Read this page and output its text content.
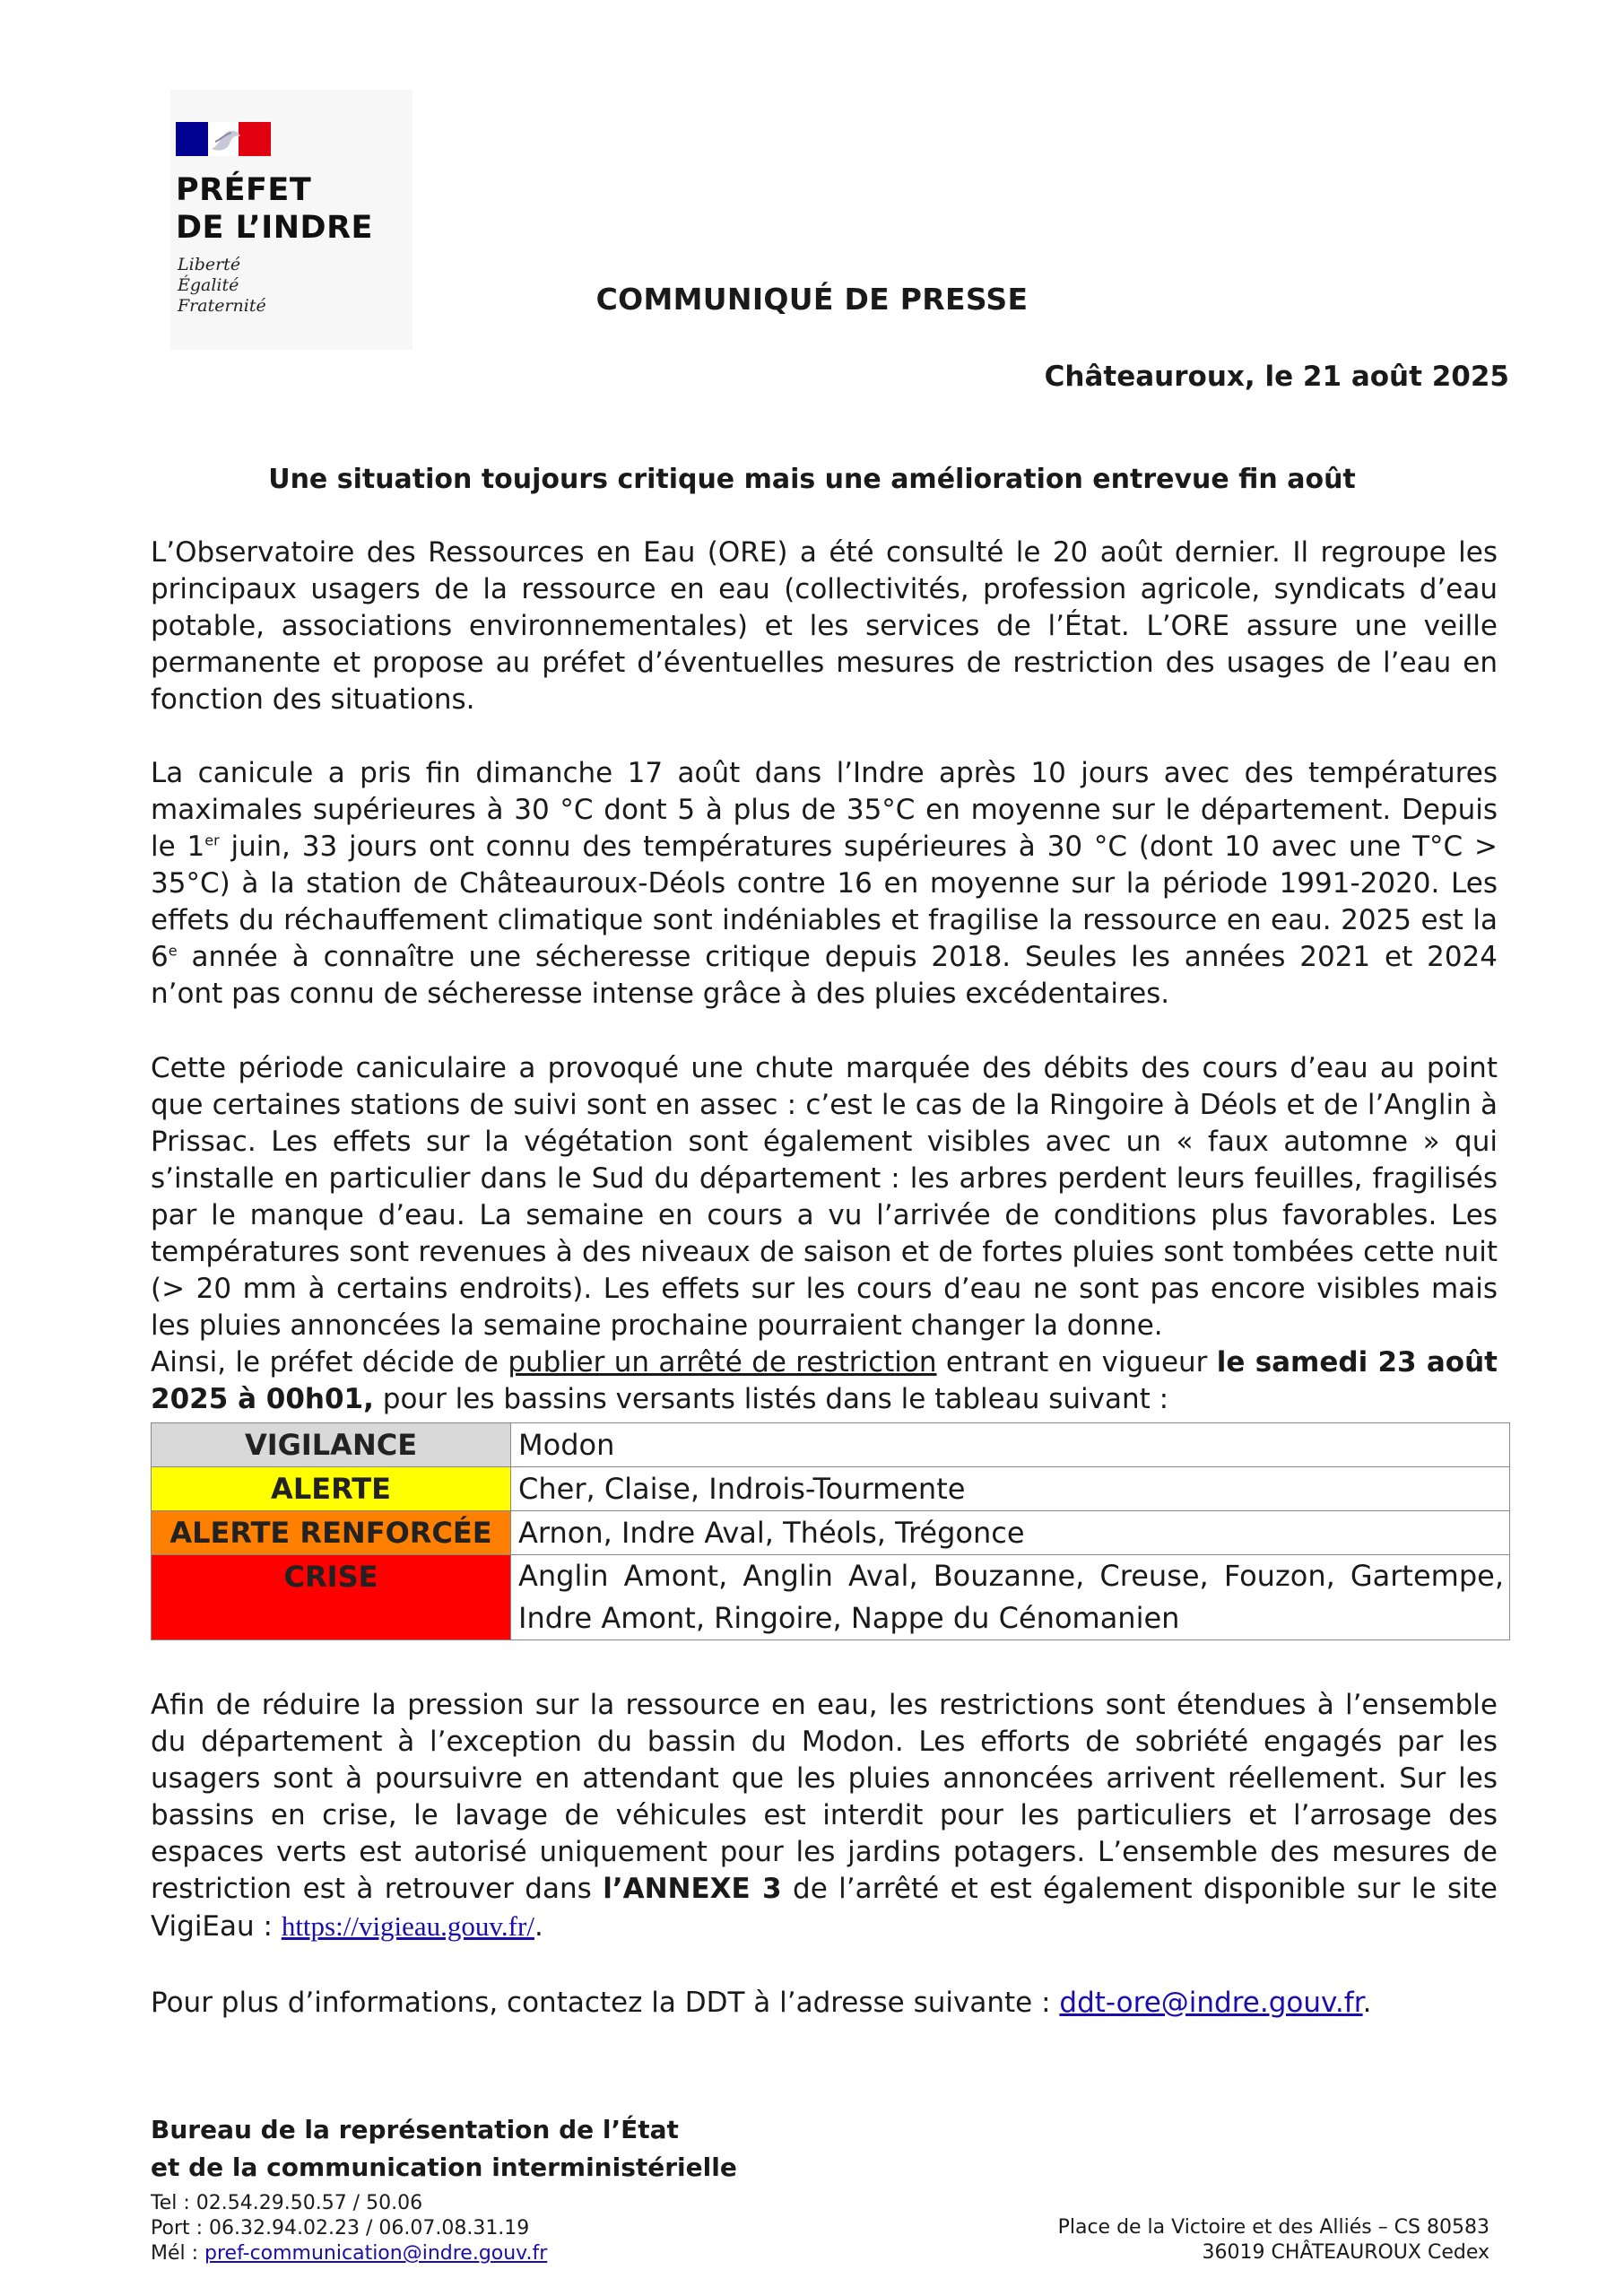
PRÉFET
DE L’INDRE
Liberté
Égalité
Fraternité	COMMUNIQUÉ DE PRESSE
Châteauroux, le 21 août 2025
Une situation toujours critique mais une amélioration entrevue fin août

L’Observatoire des Ressources en Eau (ORE) a été consulté le 20 août dernier. Il regroupe les principaux usagers de la ressource en eau (collectivités, profession agricole, syndicats d’eau potable, associations environnementales) et les services de l’État. L’ORE assure une veille permanente et propose au préfet d’éventuelles mesures de restriction des usages de l’eau en fonction des situations.

La canicule a pris fin dimanche 17 août dans l’Indre après 10 jours avec des températures maximales supérieures à 30 °C dont 5 à plus de 35°C en moyenne sur le département. Depuis le 1er juin, 33 jours ont connu des températures supérieures à 30 °C (dont 10 avec une T°C > 35°C) à la station de Châteauroux-Déols contre 16 en moyenne sur la période 1991-2020. Les effets du réchauffement climatique sont indéniables et fragilise la ressource en eau. 2025 est la 6e année à connaître une sécheresse critique depuis 2018. Seules les années 2021 et 2024 n’ont pas connu de sécheresse intense grâce à des pluies excédentaires.

Cette période caniculaire a provoqué une chute marquée des débits des cours d’eau au point que certaines stations de suivi sont en assec : c’est le cas de la Ringoire à Déols et de l’Anglin à Prissac. Les effets sur la végétation sont également visibles avec un « faux automne » qui s’installe en particulier dans le Sud du département : les arbres perdent leurs feuilles, fragilisés par le manque d’eau. La semaine en cours a vu l’arrivée de conditions plus favorables. Les températures sont revenues à des niveaux de saison et de fortes pluies sont tombées cette nuit (> 20 mm à certains endroits). Les effets sur les cours d’eau ne sont pas encore visibles mais les pluies annoncées la semaine prochaine pourraient changer la donne.

Ainsi, le préfet décide de publier un arrêté de restriction entrant en vigueur le samedi 23 août 2025 à 00h01, pour les bassins versants listés dans le tableau suivant :

VIGILANCE	Modon
ALERTE	Cher, Claise, Indrois-Tourmente
ALERTE RENFORCÉE	Arnon, Indre Aval, Théols, Trégonce
CRISE	Anglin Amont, Anglin Aval, Bouzanne, Creuse, Fouzon, Gartempe, Indre Amont, Ringoire, Nappe du Cénomanien

Afin de réduire la pression sur la ressource en eau, les restrictions sont étendues à l’ensemble du département à l’exception du bassin du Modon. Les efforts de sobriété engagés par les usagers sont à poursuivre en attendant que les pluies annoncées arrivent réellement. Sur les bassins en crise, le lavage de véhicules est interdit pour les particuliers et l’arrosage des espaces verts est autorisé uniquement pour les jardins potagers. L’ensemble des mesures de restriction est à retrouver dans l’ANNEXE 3 de l’arrêté et est également disponible sur le site VigiEau : https://vigieau.gouv.fr/.

Pour plus d’informations, contactez la DDT à l’adresse suivante : ddt-ore@indre.gouv.fr.

Bureau de la représentation de l’État
et de la communication interministérielle
Tel : 02.54.29.50.57 / 50.06
Port : 06.32.94.02.23 / 06.07.08.31.19
Mél : pref-communication@indre.gouv.fr
Place de la Victoire et des Alliés – CS 80583
36019 CHÂTEAUROUX Cedex
